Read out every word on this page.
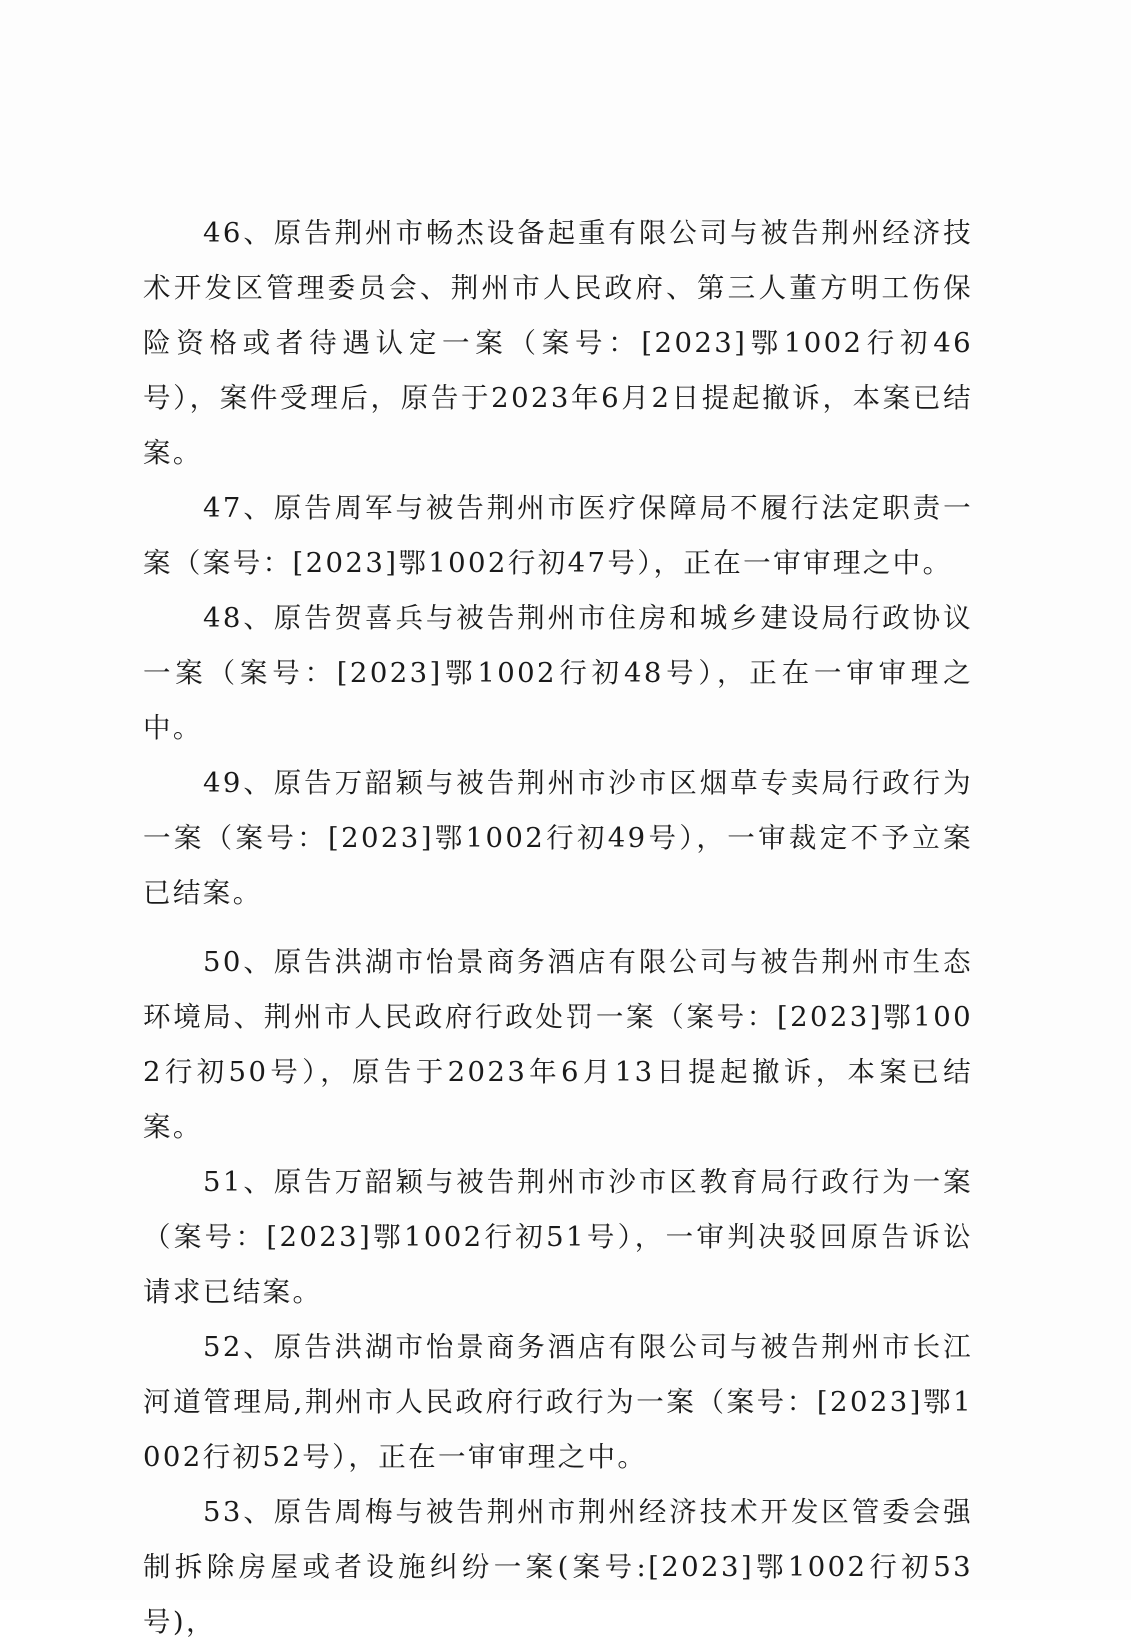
46、原告荆州市畅杰设备起重有限公司与被告荆州经济技术开发区管理委员会、荆州市人民政府、第三人董方明工伤保险资格或者待遇认定一案（案号：[2023]鄂1002行初46号），案件受理后，原告于2023年6月2日提起撤诉，本案已结案。

47、原告周军与被告荆州市医疗保障局不履行法定职责一案（案号：[2023]鄂1002行初47号），正在一审审理之中。

48、原告贺喜兵与被告荆州市住房和城乡建设局行政协议一案（案号：[2023]鄂1002行初48号），正在一审审理之中。

49、原告万韶颖与被告荆州市沙市区烟草专卖局行政行为一案（案号：[2023]鄂1002行初49号），一审裁定不予立案已结案。

50、原告洪湖市怡景商务酒店有限公司与被告荆州市生态环境局、荆州市人民政府行政处罚一案（案号：[2023]鄂1002行初50号），原告于2023年6月13日提起撤诉，本案已结案。

51、原告万韶颖与被告荆州市沙市区教育局行政行为一案（案号：[2023]鄂1002行初51号），一审判决驳回原告诉讼请求已结案。

52、原告洪湖市怡景商务酒店有限公司与被告荆州市长江河道管理局,荆州市人民政府行政行为一案（案号：[2023]鄂1002行初52号），正在一审审理之中。

53、原告周梅与被告荆州市荆州经济技术开发区管委会强制拆除房屋或者设施纠纷一案(案号:[2023]鄂1002行初53号)，
